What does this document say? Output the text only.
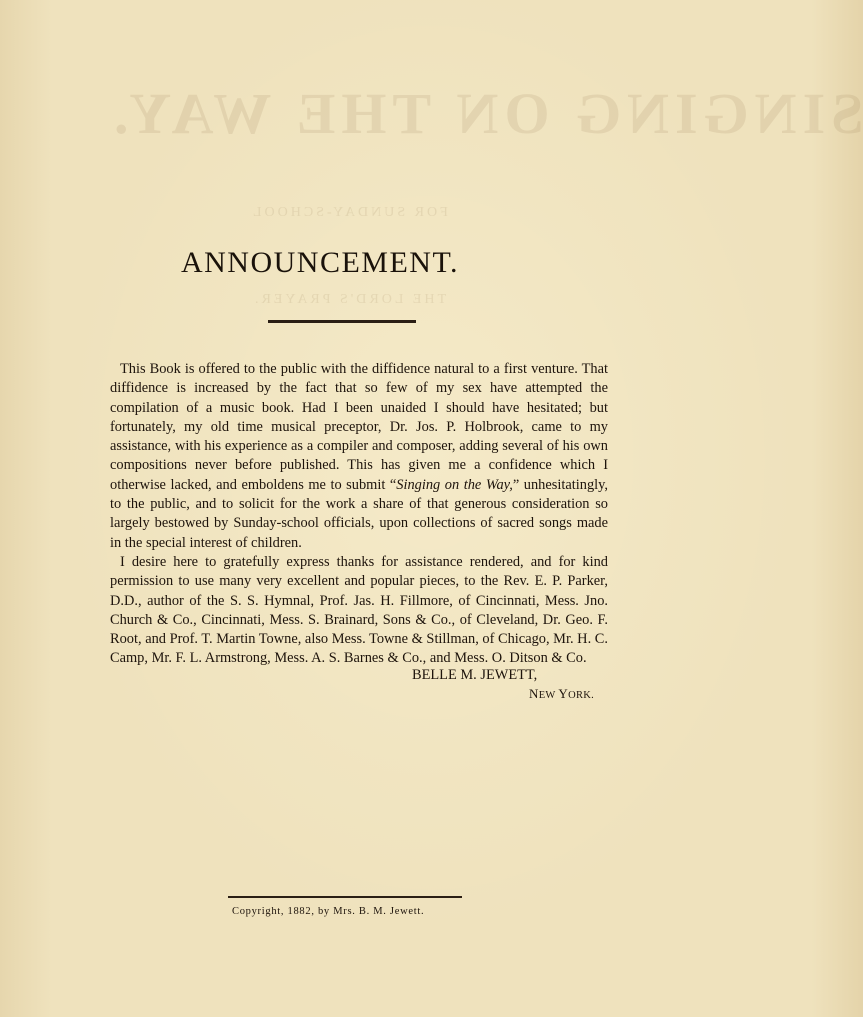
SINGING ON THE WAY.
FOR SUNDAY-SCHOOL
THE LORD'S PRAYER.
ANNOUNCEMENT.

This Book is offered to the public with the diffidence natural to a first venture. That diffidence is increased by the fact that so few of my sex have attempted the compilation of a music book. Had I been unaided I should have hesitated; but fortunately, my old time musical preceptor, Dr. Jos. P. Holbrook, came to my assistance, with his experience as a compiler and composer, adding several of his own compositions never before published. This has given me a confidence which I otherwise lacked, and emboldens me to submit “Singing on the Way,” unhesitatingly, to the public, and to solicit for the work a share of that generous consideration so largely bestowed by Sunday-school officials, upon collections of sacred songs made in the special interest of children.

I desire here to gratefully express thanks for assistance rendered, and for kind permission to use many very excellent and popular pieces, to the Rev. E. P. Parker, D.D., author of the S. S. Hymnal, Prof. Jas. H. Fillmore, of Cincinnati, Mess. Jno. Church & Co., Cincinnati, Mess. S. Brainard, Sons & Co., of Cleveland, Dr. Geo. F. Root, and Prof. T. Martin Towne, also Mess. Towne & Stillman, of Chicago, Mr. H. C. Camp, Mr. F. L. Armstrong, Mess. A. S. Barnes & Co., and Mess. O. Ditson & Co.

BELLE M. JEWETT,
NEW YORK.
Copyright, 1882, by Mrs. B. M. Jewett.
